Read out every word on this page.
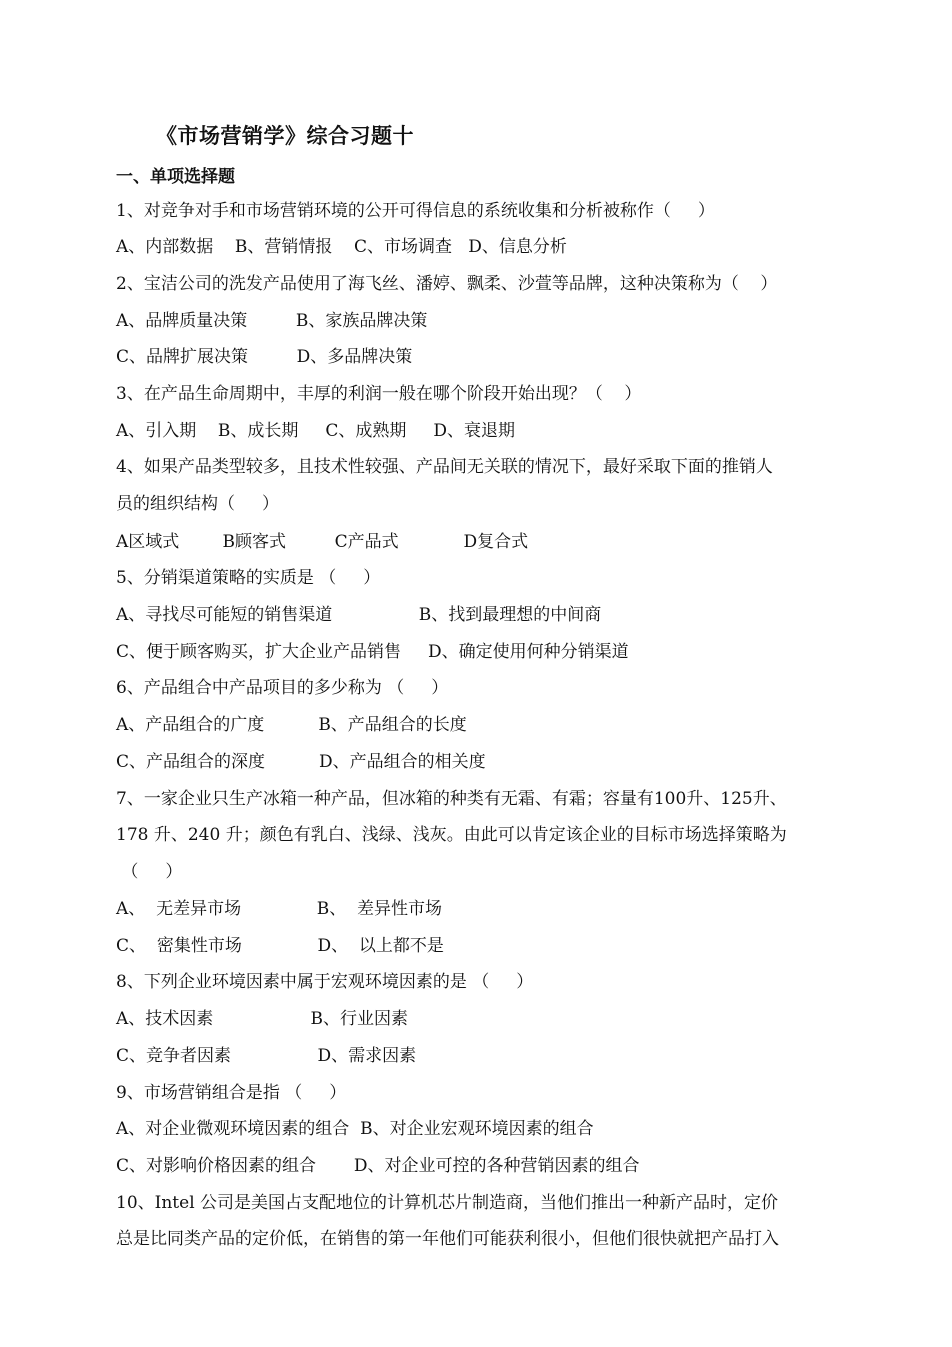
《市场营销学》综合习题十
一、单项选择题
1、对竞争对手和市场营销环境的公开可得信息的系统收集和分析被称作（     ）
A、内部数据    B、营销情报    C、市场调查   D、信息分析
2、宝洁公司的洗发产品使用了海飞丝、潘婷、飘柔、沙萱等品牌，这种决策称为（    ）
A、品牌质量决策         B、家族品牌决策
C、品牌扩展决策         D、多品牌决策
3、在产品生命周期中，丰厚的利润一般在哪个阶段开始出现？（    ）
A、引入期    B、成长期     C、成熟期     D、衰退期
4、如果产品类型较多，且技术性较强、产品间无关联的情况下，最好采取下面的推销人
员的组织结构（     ）
A区域式        B顾客式         C产品式            D复合式
5、分销渠道策略的实质是 （     ）
A、寻找尽可能短的销售渠道                B、找到最理想的中间商
C、便于顾客购买，扩大企业产品销售     D、确定使用何种分销渠道
6、产品组合中产品项目的多少称为 （     ）
A、产品组合的广度          B、产品组合的长度
C、产品组合的深度          D、产品组合的相关度
7、一家企业只生产冰箱一种产品，但冰箱的种类有无霜、有霜；容量有100升、125升、
178 升、240 升；颜色有乳白、浅绿、浅灰。由此可以肯定该企业的目标市场选择策略为
（     ）
A、  无差异市场              B、  差异性市场
C、  密集性市场              D、  以上都不是
8、下列企业环境因素中属于宏观环境因素的是 （     ）
A、技术因素                  B、行业因素
C、竞争者因素                D、需求因素
9、市场营销组合是指 （     ）
A、对企业微观环境因素的组合  B、对企业宏观环境因素的组合
C、对影响价格因素的组合       D、对企业可控的各种营销因素的组合
10、Intel 公司是美国占支配地位的计算机芯片制造商，当他们推出一种新产品时，定价
总是比同类产品的定价低，在销售的第一年他们可能获利很小，但他们很快就把产品打入
